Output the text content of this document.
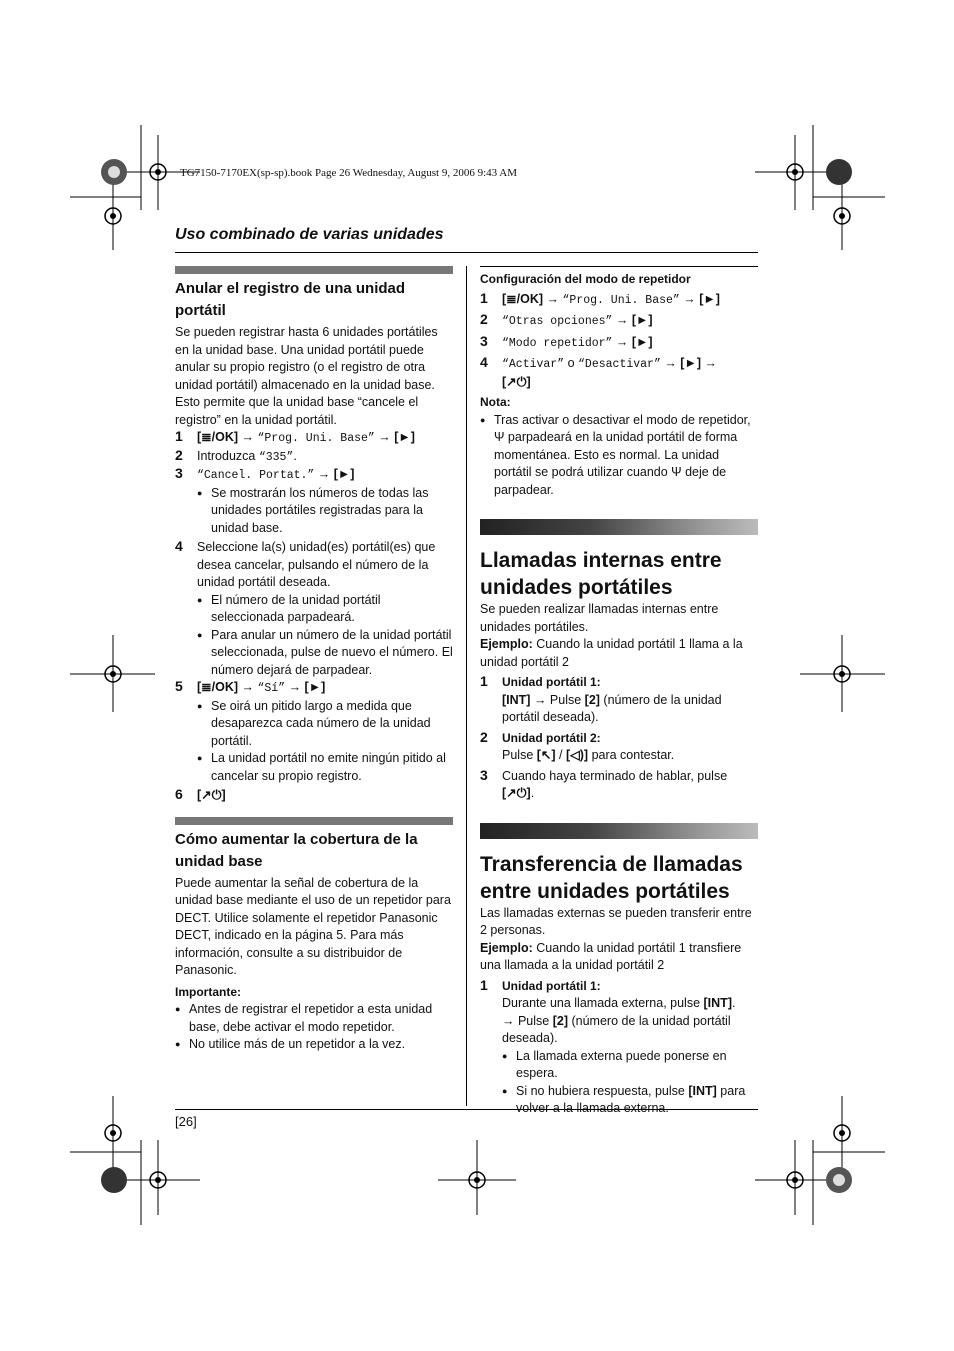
TG7150-7170EX(sp-sp).book Page 26 Wednesday, August 9, 2006 9:43 AM
Uso combinado de varias unidades

Anular el registro de una unidad portátil

Se pueden registrar hasta 6 unidades portátiles en la unidad base. Una unidad portátil puede anular su propio registro (o el registro de otra unidad portátil) almacenado en la unidad base. Esto permite que la unidad base “cancele el registro” en la unidad portátil.

1 [≣/OK] → “Prog. Uni. Base” → [►]
2 Introduzca “335”.
3 “Cancel. Portat.” → [►]
● Se mostrarán los números de todas las unidades portátiles registradas para la unidad base.
4 Seleccione la(s) unidad(es) portátil(es) que desea cancelar, pulsando el número de la unidad portátil deseada.
● El número de la unidad portátil seleccionada parpadeará.
● Para anular un número de la unidad portátil seleccionada, pulse de nuevo el número. El número dejará de parpadear.
5 [≣/OK] → “Sí” → [►]
● Se oirá un pitido largo a medida que desaparezca cada número de la unidad portátil.
● La unidad portátil no emite ningún pitido al cancelar su propio registro.
6 [↗⏻]

Cómo aumentar la cobertura de la unidad base

Puede aumentar la señal de cobertura de la unidad base mediante el uso de un repetidor para DECT. Utilice solamente el repetidor Panasonic DECT, indicado en la página 5. Para más información, consulte a su distribuidor de Panasonic.

Importante:

● Antes de registrar el repetidor a esta unidad base, debe activar el modo repetidor.
● No utilice más de un repetidor a la vez.
[26]

Configuración del modo de repetidor

1 [≣/OK] → “Prog. Uni. Base” → [►]
2 “Otras opciones” → [►]
3 “Modo repetidor” → [►]
4 “Activar” o “Desactivar” → [►] →
[↗⏻]

Nota:

● Tras activar o desactivar el modo de repetidor, Ψ parpadeará en la unidad portátil de forma momentánea. Esto es normal. La unidad portátil se podrá utilizar cuando Ψ deje de parpadear.

Llamadas internas entre unidades portátiles

Se pueden realizar llamadas internas entre unidades portátiles.

Ejemplo: Cuando la unidad portátil 1 llama a la unidad portátil 2

1 Unidad portátil 1:
[INT] → Pulse [2] (número de la unidad portátil deseada).
2 Unidad portátil 2:
Pulse [↖] / [◁)] para contestar.
3 Cuando haya terminado de hablar, pulse
[↗⏻].

Transferencia de llamadas entre unidades portátiles

Las llamadas externas se pueden transferir entre 2 personas.

Ejemplo: Cuando la unidad portátil 1 transfiere una llamada a la unidad portátil 2

1 Unidad portátil 1:
Durante una llamada externa, pulse [INT].
→ Pulse [2] (número de la unidad portátil deseada).
● La llamada externa puede ponerse en espera.
● Si no hubiera respuesta, pulse [INT] para volver a la llamada externa.
